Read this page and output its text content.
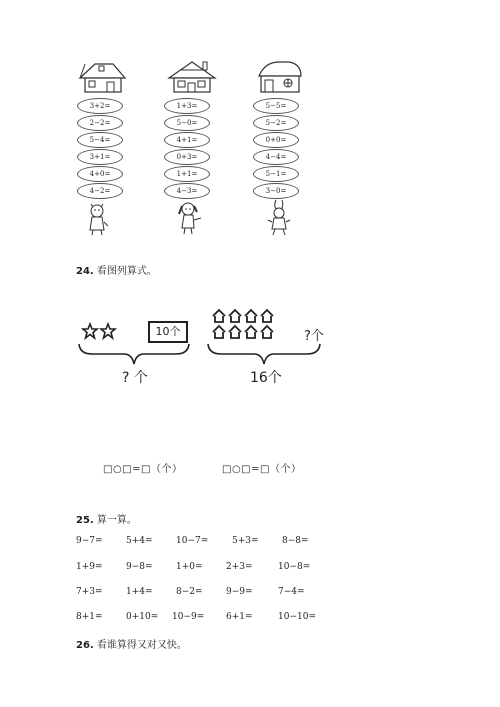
3+2=
2−2=
5−4=
3+1=
4+0=
4−2=
1+3=
5−0=
4+1=
0+3=
1+1=
4−3=
5−5=
5−2=
0+0=
4−4=
5−1=
3−0=
24. 看图列算式。
10个
? 个
?个
16个
□○□=□（个）	□○□=□（个）
25. 算一算。
9−7=	5+4=	10−7=	5+3=	8−8=
1+9=	9−8=	1+0=	2+3=	10−8=
7+3=	1+4=	8−2=	9−9=	7−4=
8+1=	0+10= 10−9= 6+1=	10−10=
26. 看谁算得又对又快。
